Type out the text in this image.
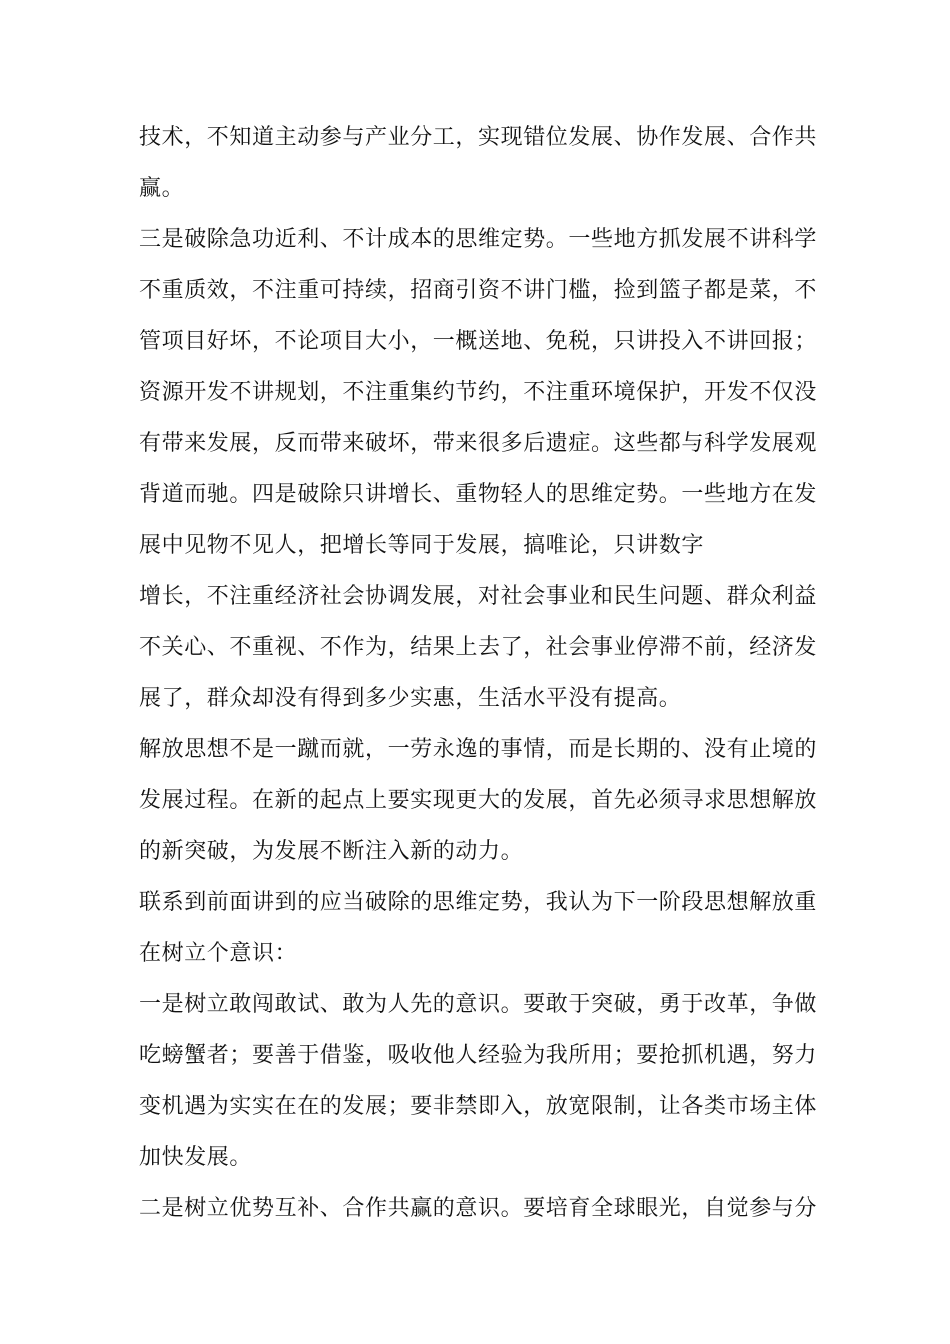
技术，不知道主动参与产业分工，实现错位发展、协作发展、合作共
赢。
三是破除急功近利、不计成本的思维定势。一些地方抓发展不讲科学
不重质效，不注重可持续，招商引资不讲门槛，捡到篮子都是菜，不
管项目好坏，不论项目大小，一概送地、免税，只讲投入不讲回报；
资源开发不讲规划，不注重集约节约，不注重环境保护，开发不仅没
有带来发展，反而带来破坏，带来很多后遗症。这些都与科学发展观
背道而驰。四是破除只讲增长、重物轻人的思维定势。一些地方在发
展中见物不见人，把增长等同于发展，搞唯论，只讲数字
增长，不注重经济社会协调发展，对社会事业和民生问题、群众利益
不关心、不重视、不作为，结果上去了，社会事业停滞不前，经济发
展了，群众却没有得到多少实惠，生活水平没有提高。
解放思想不是一蹴而就，一劳永逸的事情，而是长期的、没有止境的
发展过程。在新的起点上要实现更大的发展，首先必须寻求思想解放
的新突破，为发展不断注入新的动力。
联系到前面讲到的应当破除的思维定势，我认为下一阶段思想解放重
在树立个意识：
一是树立敢闯敢试、敢为人先的意识。要敢于突破，勇于改革，争做
吃螃蟹者；要善于借鉴，吸收他人经验为我所用；要抢抓机遇，努力
变机遇为实实在在的发展；要非禁即入，放宽限制，让各类市场主体
加快发展。
二是树立优势互补、合作共赢的意识。要培育全球眼光，自觉参与分
